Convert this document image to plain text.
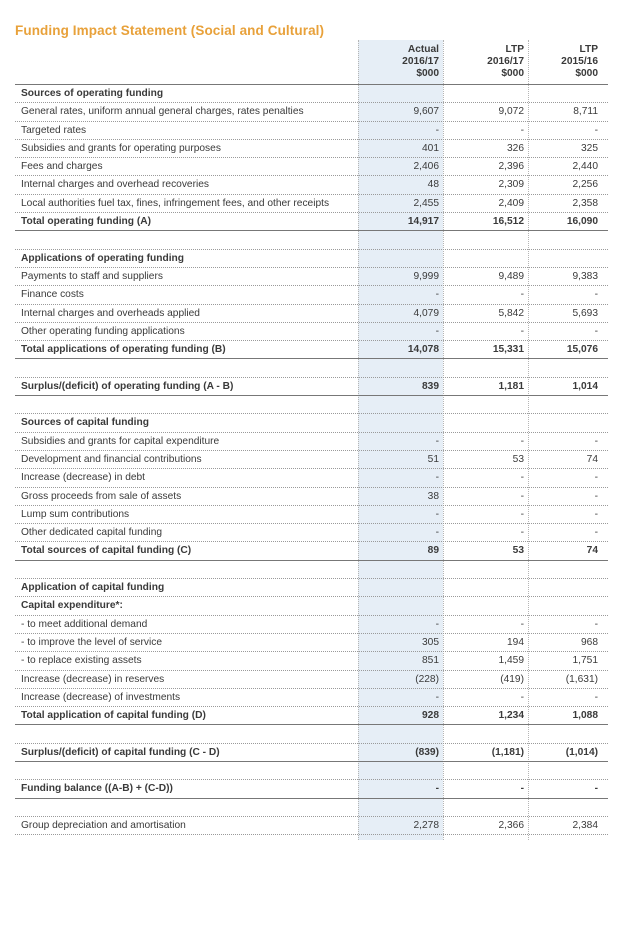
Funding Impact Statement (Social and Cultural)
Actual
2016/17
$000
LTP
2016/17
$000
LTP
2015/16
$000
Sources of operating funding
General rates, uniform annual general charges, rates penalties	9,607	9,072	8,711
Targeted rates	-	-	-
Subsidies and grants for operating purposes	401	326	325
Fees and charges	2,406	2,396	2,440
Internal charges and overhead recoveries	48	2,309	2,256
Local authorities fuel tax, fines, infringement fees, and other receipts	2,455	2,409	2,358
Total operating funding (A)	14,917	16,512	16,090
Applications of operating funding
Payments to staff and suppliers	9,999	9,489	9,383
Finance costs	-	-	-
Internal charges and overheads applied	4,079	5,842	5,693
Other operating funding applications	-	-	-
Total applications of operating funding (B)	14,078	15,331	15,076
Surplus/(deficit) of operating funding (A - B)	839	1,181	1,014
Sources of capital funding
Subsidies and grants for capital expenditure	-	-	-
Development and financial contributions	51	53	74
Increase (decrease) in debt	-	-	-
Gross proceeds from sale of assets	38	-	-
Lump sum contributions	-	-	-
Other dedicated capital funding	-	-	-
Total sources of capital funding (C)	89	53	74
Application of capital funding
Capital expenditure*:
- to meet additional demand	-	-	-
- to improve the level of service	305	194	968
- to replace existing assets	851	1,459	1,751
Increase (decrease) in reserves	(228)	(419)	(1,631)
Increase (decrease) of investments	-	-	-
Total application of capital funding (D)	928	1,234	1,088
Surplus/(deficit) of capital funding (C - D)	(839)	(1,181)	(1,014)
Funding balance ((A-B) + (C-D))	-	-	-
Group depreciation and amortisation	2,278	2,366	2,384
